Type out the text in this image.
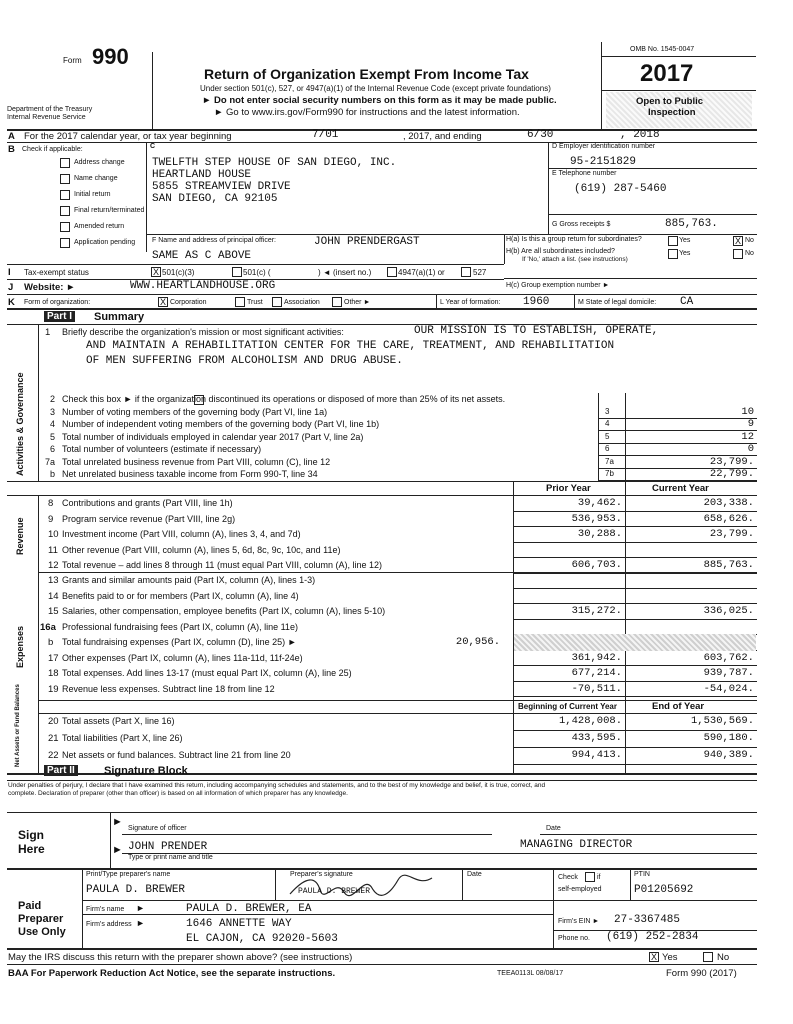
Form 990
Department of the Treasury
Internal Revenue Service
Return of Organization Exempt From Income Tax
Under section 501(c), 527, or 4947(a)(1) of the Internal Revenue Code (except private foundations)
► Do not enter social security numbers on this form as it may be made public.
► Go to www.irs.gov/Form990 for instructions and the latest information.
OMB No. 1545-0047
2017
Open to Public
Inspection
A For the 2017 calendar year, or tax year beginning	7/01	, 2017, and ending	6/30	, 2018
B Check if applicable:
Address change
Name change
Initial return
Final return/terminated
Amended return
Application pending
C
TWELFTH STEP HOUSE OF SAN DIEGO, INC.
HEARTLAND HOUSE
5855 STREAMVIEW DRIVE
SAN DIEGO, CA 92105
D Employer identification number
95-2151829
E Telephone number
(619) 287-5460
G Gross receipts $	885,763.
F Name and address of principal officer:	JOHN PRENDERGAST
SAME AS C ABOVE
H(a) Is this a group return for subordinates?	Yes	X No
H(b) Are all subordinates included?
If 'No,' attach a list. (see instructions)
Yes	No
I Tax-exempt status	X 501(c)(3)	501(c) (	) ◄ (insert no.)	4947(a)(1) or	527
H(c) Group exemption number ►
J Website: ►	WWW.HEARTLANDHOUSE.ORG
K Form of organization:	X Corporation	Trust	Association	Other ►	L Year of formation: 1960	M State of legal domicile: CA
Part I Summary
1 Briefly describe the organization's mission or most significant activities:	OUR MISSION IS TO ESTABLISH, OPERATE,
AND MAINTAIN A REHABILITATION CENTER FOR THE CARE, TREATMENT, AND REHABILITATION
OF MEN SUFFERING FROM ALCOHOLISM AND DRUG ABUSE.
Activities & Governance	2 Check this box ► if the organization discontinued its operations or disposed of more than 25% of its net assets.
3 Number of voting members of the governing body (Part VI, line 1a)	3	10
4 Number of independent voting members of the governing body (Part VI, line 1b)	4	9
5 Total number of individuals employed in calendar year 2017 (Part V, line 2a)	5	12
6 Total number of volunteers (estimate if necessary)	6	0
7a Total unrelated business revenue from Part VIII, column (C), line 12	7a	23,799.
b Net unrelated business taxable income from Form 990-T, line 34	7b	22,799.
Prior Year	Current Year
Revenue
Expenses
Net Assets or Fund Balances
8 Contributions and grants (Part VIII, line 1h)	39,462.	203,338.
9 Program service revenue (Part VIII, line 2g)	536,953.	658,626.
10 Investment income (Part VIII, column (A), lines 3, 4, and 7d)	30,288.	23,799.
11 Other revenue (Part VIII, column (A), lines 5, 6d, 8c, 9c, 10c, and 11e)
12 Total revenue – add lines 8 through 11 (must equal Part VIII, column (A), line 12)	606,703.	885,763.
13 Grants and similar amounts paid (Part IX, column (A), lines 1-3)
14 Benefits paid to or for members (Part IX, column (A), line 4)
15 Salaries, other compensation, employee benefits (Part IX, column (A), lines 5-10)	315,272.	336,025.
16a Professional fundraising fees (Part IX, column (A), line 11e)
b Total fundraising expenses (Part IX, column (D), line 25) ►	20,956.
17 Other expenses (Part IX, column (A), lines 11a-11d, 11f-24e)	361,942.	603,762.
18 Total expenses. Add lines 13-17 (must equal Part IX, column (A), line 25)	677,214.	939,787.
19 Revenue less expenses. Subtract line 18 from line 12	-70,511.	-54,024.
Beginning of Current Year	End of Year
20 Total assets (Part X, line 16)	1,428,008.	1,530,569.
21 Total liabilities (Part X, line 26)	433,595.	590,180.
22 Net assets or fund balances. Subtract line 21 from line 20	994,413.	940,389.
Part II	Signature Block
Under penalties of perjury, I declare that I have examined this return, including accompanying schedules and statements, and to the best of my knowledge and belief, it is true, correct, and
complete. Declaration of preparer (other than officer) is based on all information of which preparer has any knowledge.
Sign
Here
►
►
Signature of officer	Date
JOHN PRENDER	MANAGING DIRECTOR
Type or print name and title
Paid
Preparer
Use Only
Print/Type preparer's name	Preparer's signature	Date	Check	if
self-employed
PTIN
PAULA D. BREWER	PAULA D. BREWER	P01205692
Firm's name ►	PAULA D. BREWER, EA
Firm's EIN ► 27-3367485
Firm's address ►	1646 ANNETTE WAY
EL CAJON, CA 92020-5603	Phone no. (619) 252-2834
May the IRS discuss this return with the preparer shown above? (see instructions)	X Yes	No
BAA For Paperwork Reduction Act Notice, see the separate instructions.	TEEA0113L 08/08/17	Form 990 (2017)
